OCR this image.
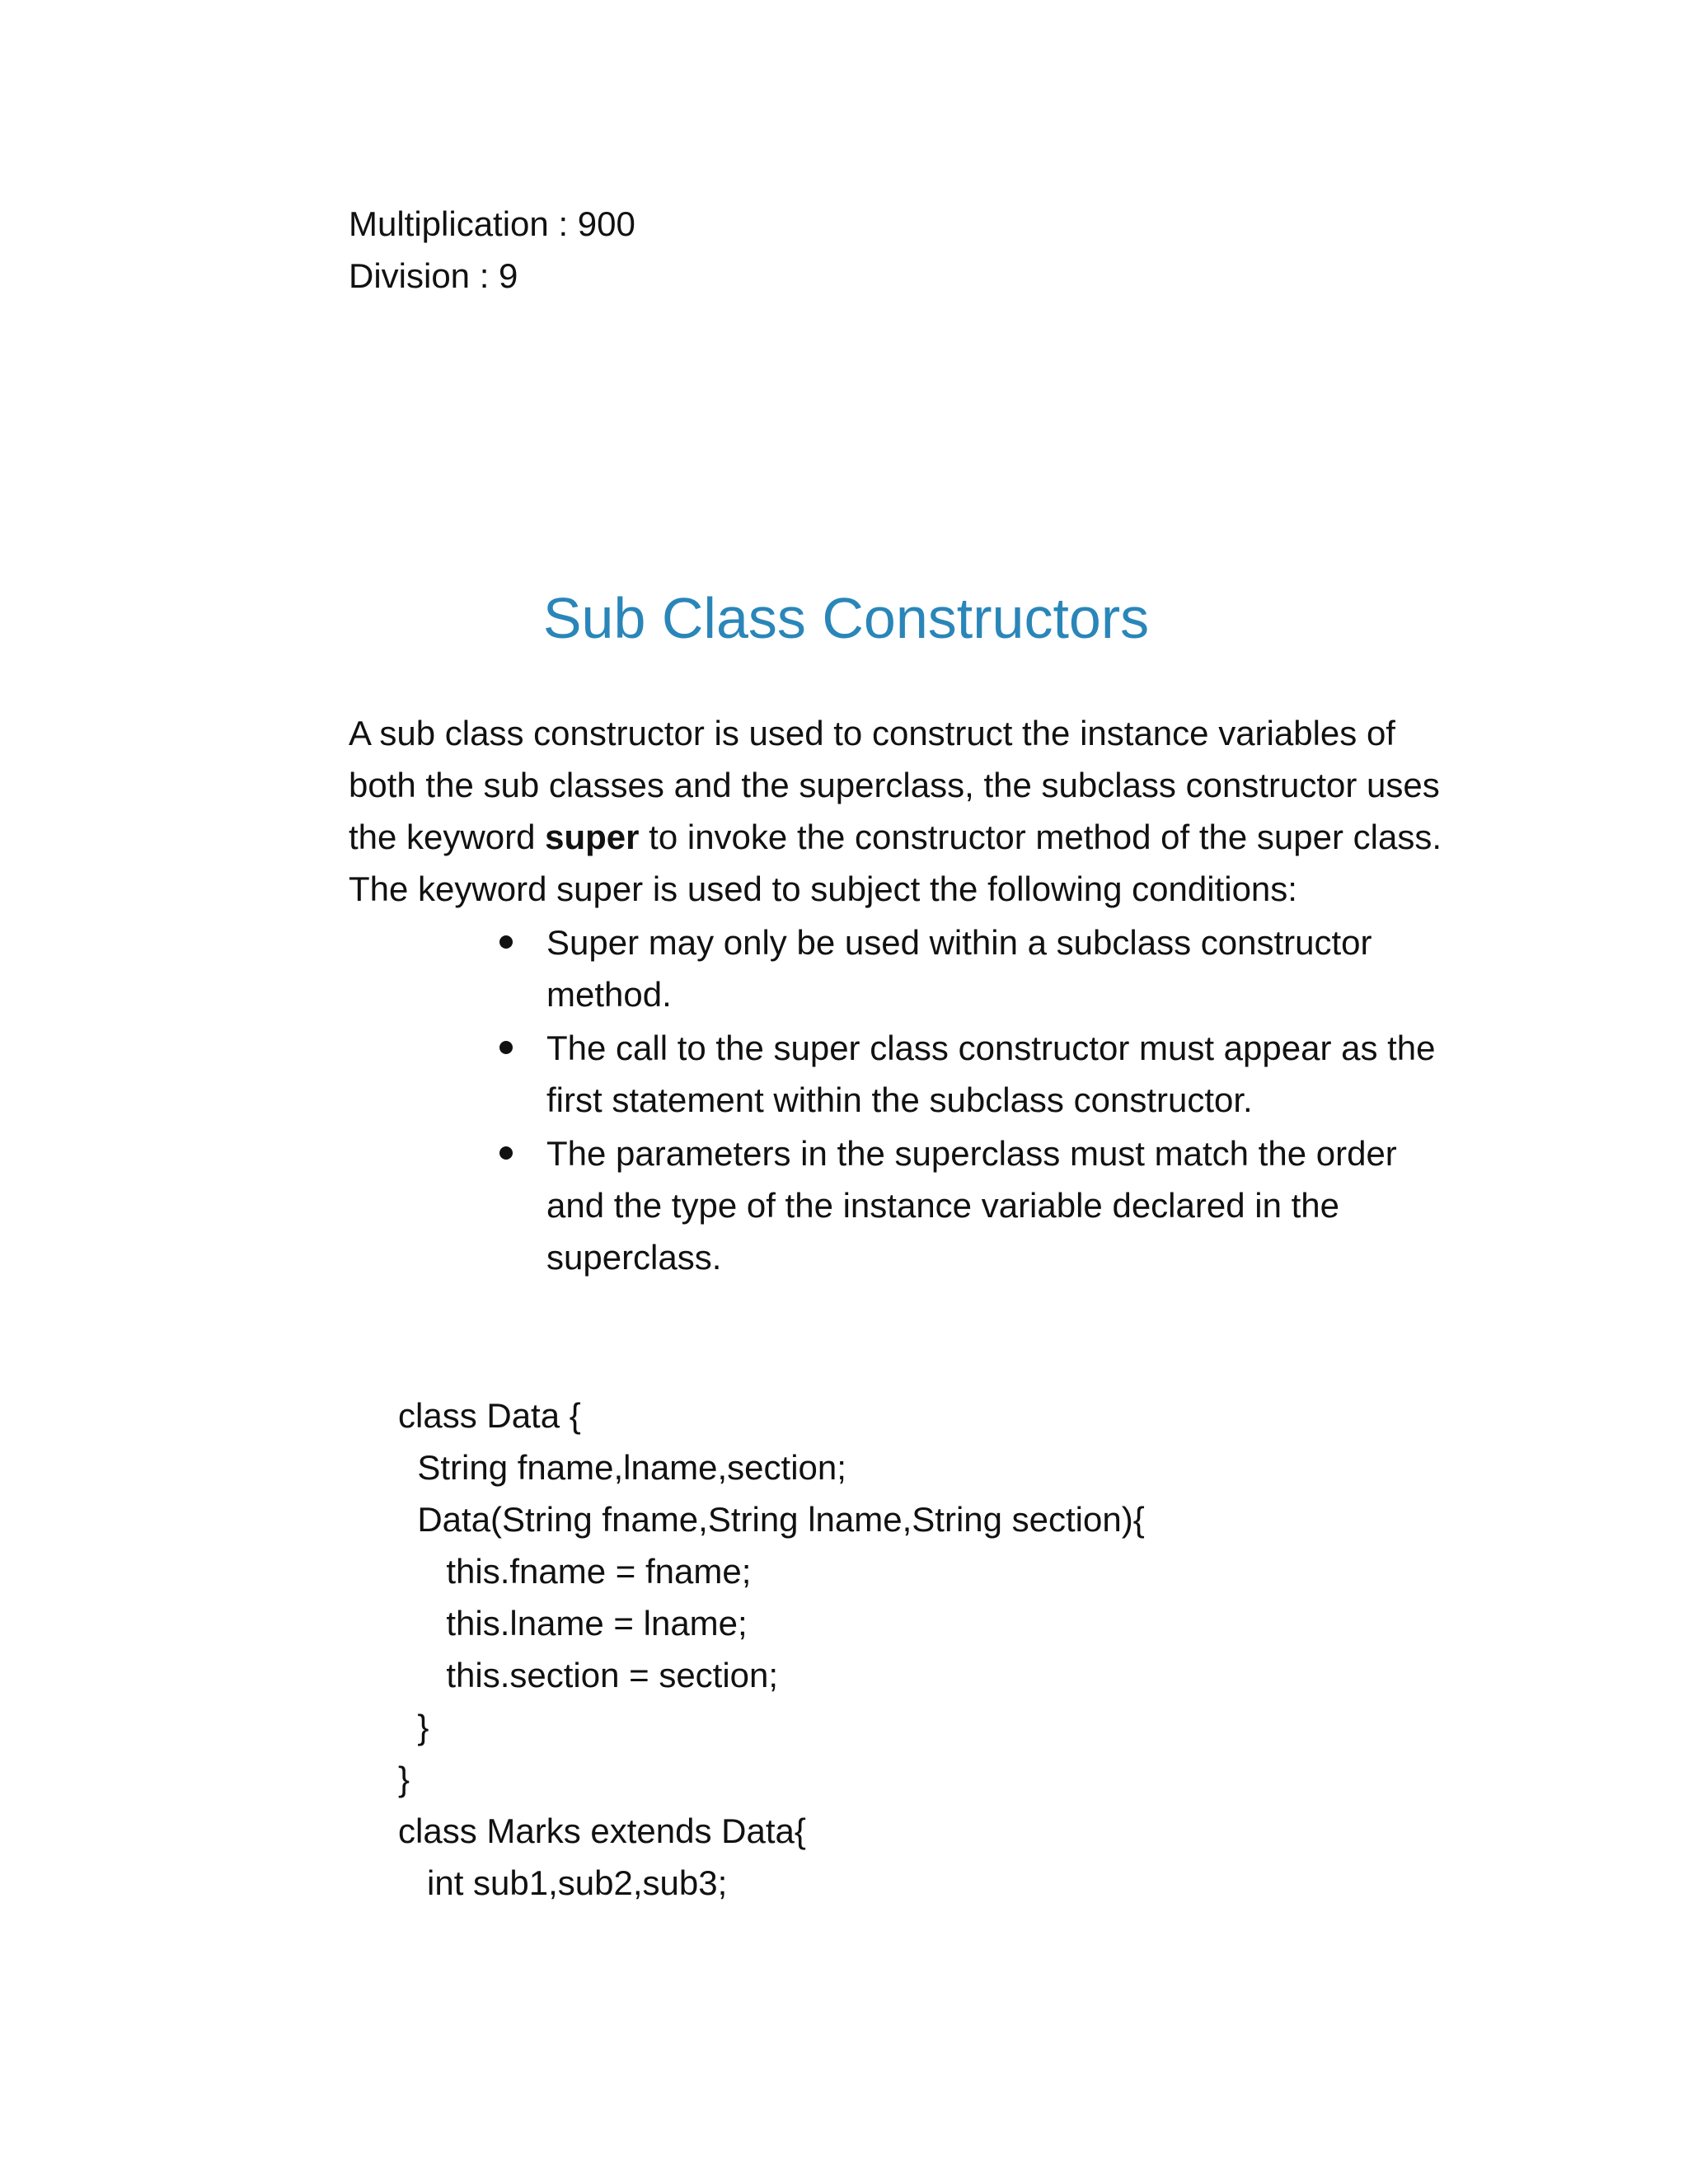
Multiplication : 900
Division : 9
Sub Class Constructors
A sub class constructor is used to construct the instance variables of
both the sub classes and the superclass, the subclass constructor uses
the keyword super to invoke the constructor method of the super class.
The keyword super is used to subject the following conditions:
Super may only be used within a subclass constructor
method.
The call to the super class constructor must appear as the
first statement within the subclass constructor.
The parameters in the superclass must match the order
and the type of the instance variable declared in the
superclass.
class Data {
String fname,lname,section;
Data(String fname,String lname,String section){
this.fname = fname;
this.lname = lname;
this.section = section;
}
}
class Marks extends Data{
int sub1,sub2,sub3;
